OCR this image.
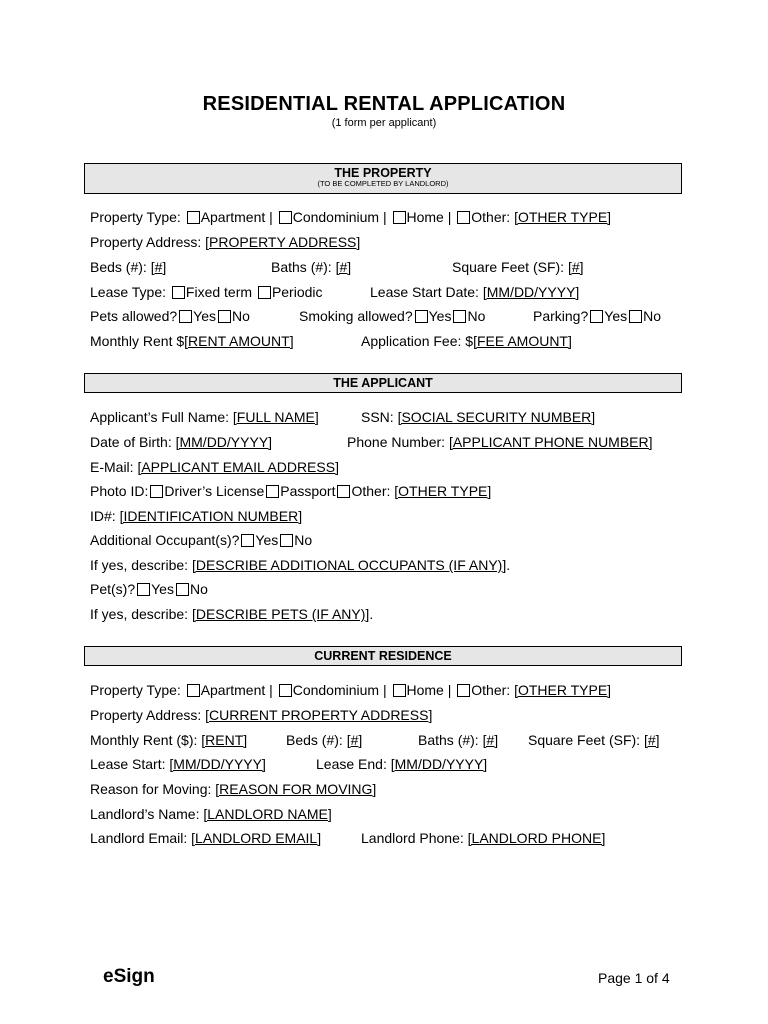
RESIDENTIAL RENTAL APPLICATION
(1 form per applicant)
THE PROPERTY
(TO BE COMPLETED BY LANDLORD)
Property Type: Apartment | Condominium | Home | Other: [OTHER TYPE]
Property Address: [PROPERTY ADDRESS]
Beds (#): [#]	Baths (#): [#]	Square Feet (SF): [#]
Lease Type: Fixed term Periodic	Lease Start Date: [MM/DD/YYYY]
Pets allowed? Yes No	Smoking allowed? Yes No	Parking? Yes No
Monthly Rent $[RENT AMOUNT]	Application Fee: $[FEE AMOUNT]
THE APPLICANT
Applicant’s Full Name: [FULL NAME]	SSN: [SOCIAL SECURITY NUMBER]
Date of Birth: [MM/DD/YYYY]	Phone Number: [APPLICANT PHONE NUMBER]
E-Mail: [APPLICANT EMAIL ADDRESS]
Photo ID: Driver’s License Passport Other: [OTHER TYPE]
ID#: [IDENTIFICATION NUMBER]
Additional Occupant(s)? Yes No
If yes, describe: [DESCRIBE ADDITIONAL OCCUPANTS (IF ANY)].
Pet(s)? Yes No
If yes, describe: [DESCRIBE PETS (IF ANY)].
CURRENT RESIDENCE
Property Type: Apartment | Condominium | Home | Other: [OTHER TYPE]
Property Address: [CURRENT PROPERTY ADDRESS]
Monthly Rent ($): [RENT]	Beds (#): [#]	Baths (#): [#] Square Feet (SF): [#]
Lease Start: [MM/DD/YYYY]	Lease End: [MM/DD/YYYY]
Reason for Moving: [REASON FOR MOVING]
Landlord’s Name: [LANDLORD NAME]
Landlord Email: [LANDLORD EMAIL]	Landlord Phone: [LANDLORD PHONE]
eSign	Page 1 of 4
